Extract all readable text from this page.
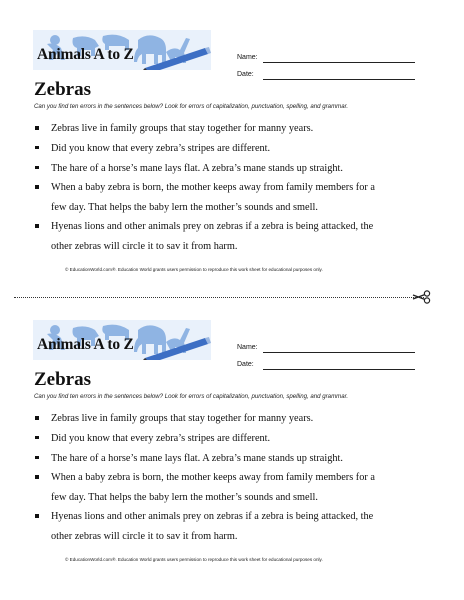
Animals A to Z	Name:
Date:
Zebras
Can you find ten errors in the sentences below? Look for errors of capitalization, punctuation, spelling, and grammar.
Zebras live in family groups that stay together for manny years.
Did you know that every zebra’s stripes are different.
The hare of a horse’s mane lays flat. A zebra’s mane stands up straight.
When a baby zebra is born, the mother keeps away from family members for a
few day. That helps the baby lern the mother’s sounds and smell.
Hyenas lions and other animals prey on zebras if a zebra is being attacked, the
other zebras will circle it to sav it from harm.
© EducationWorld.com®. Education World grants users permission to reproduce this work sheet for educational purposes only.
Animals A to Z	Name:
Date:
Zebras
Can you find ten errors in the sentences below? Look for errors of capitalization, punctuation, spelling, and grammar.
Zebras live in family groups that stay together for manny years.
Did you know that every zebra’s stripes are different.
The hare of a horse’s mane lays flat. A zebra’s mane stands up straight.
When a baby zebra is born, the mother keeps away from family members for a
few day. That helps the baby lern the mother’s sounds and smell.
Hyenas lions and other animals prey on zebras if a zebra is being attacked, the
other zebras will circle it to sav it from harm.
© EducationWorld.com®. Education World grants users permission to reproduce this work sheet for educational purposes only.
